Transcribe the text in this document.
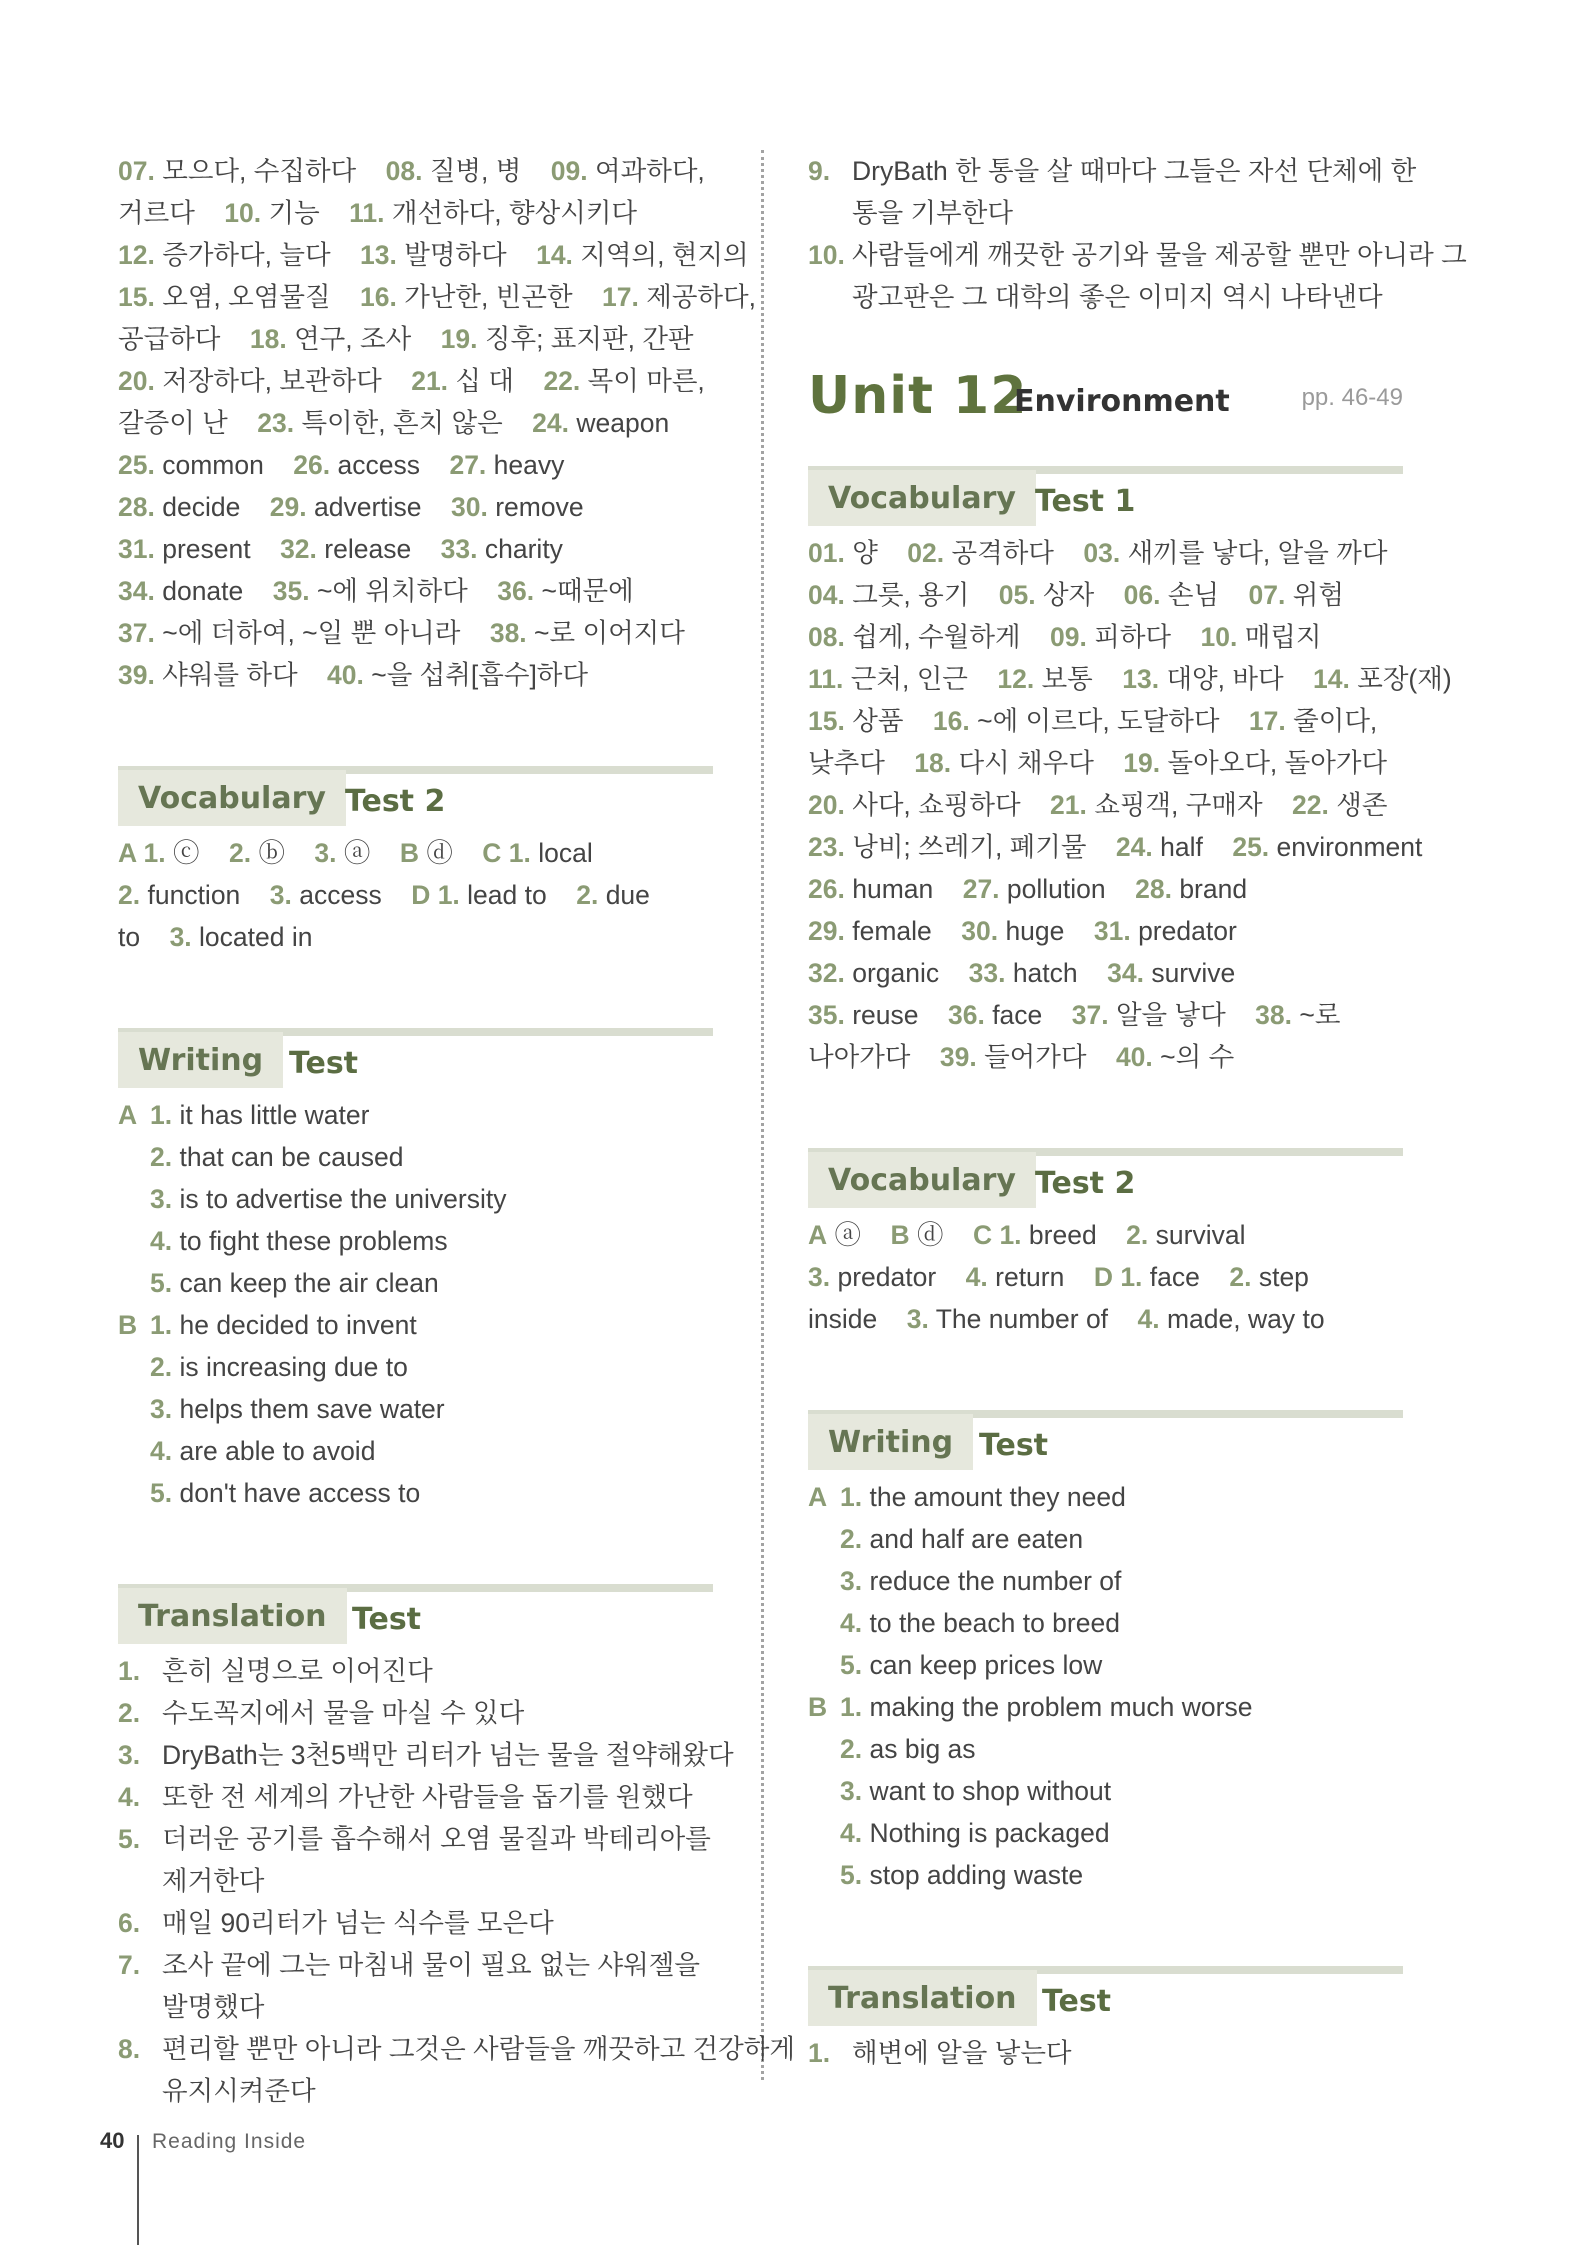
07. 모으다, 수집하다 08. 질병, 병 09. 여과하다,
거르다 10. 기능 11. 개선하다, 향상시키다
12. 증가하다, 늘다 13. 발명하다 14. 지역의, 현지의
15. 오염, 오염물질 16. 가난한, 빈곤한 17. 제공하다,
공급하다 18. 연구, 조사 19. 징후; 표지판, 간판
20. 저장하다, 보관하다 21. 십 대 22. 목이 마른,
갈증이 난 23. 특이한, 흔치 않은 24. weapon
25. common 26. access 27. heavy
28. decide 29. advertise 30. remove
31. present 32. release 33. charity
34. donate 35. ~에 위치하다 36. ~때문에
37. ~에 더하여, ~일 뿐 아니라 38. ~로 이어지다
39. 샤워를 하다 40. ~을 섭취[흡수]하다
Vocabulary Test 2
A 1. ⓒ 2. ⓑ 3. ⓐ B ⓓ C 1. local
2. function 3. access D 1. lead to 2. due
to 3. located in
Writing Test
A 1. it has little water
2. that can be caused
3. is to advertise the university
4. to fight these problems
5. can keep the air clean
B 1. he decided to invent
2. is increasing due to
3. helps them save water
4. are able to avoid
5. don't have access to
Translation Test
1. 흔히 실명으로 이어진다
2. 수도꼭지에서 물을 마실 수 있다
3. DryBath는 3천5백만 리터가 넘는 물을 절약해왔다
4. 또한 전 세계의 가난한 사람들을 돕기를 원했다
5. 더러운 공기를 흡수해서 오염 물질과 박테리아를
제거한다
6. 매일 90리터가 넘는 식수를 모은다
7. 조사 끝에 그는 마침내 물이 필요 없는 샤워젤을
발명했다
8. 편리할 뿐만 아니라 그것은 사람들을 깨끗하고 건강하게
유지시켜준다
9. DryBath 한 통을 살 때마다 그들은 자선 단체에 한
통을 기부한다
10. 사람들에게 깨끗한 공기와 물을 제공할 뿐만 아니라 그
광고판은 그 대학의 좋은 이미지 역시 나타낸다
Unit 12
Environment	pp. 46-49
Vocabulary Test 1
01. 양 02. 공격하다 03. 새끼를 낳다, 알을 까다
04. 그릇, 용기 05. 상자 06. 손님 07. 위험
08. 쉽게, 수월하게 09. 피하다 10. 매립지
11. 근처, 인근 12. 보통 13. 대양, 바다 14. 포장(재)
15. 상품 16. ~에 이르다, 도달하다 17. 줄이다,
낮추다 18. 다시 채우다 19. 돌아오다, 돌아가다
20. 사다, 쇼핑하다 21. 쇼핑객, 구매자 22. 생존
23. 낭비; 쓰레기, 폐기물 24. half 25. environment
26. human 27. pollution 28. brand
29. female 30. huge 31. predator
32. organic 33. hatch 34. survive
35. reuse 36. face 37. 알을 낳다 38. ~로
나아가다 39. 들어가다 40. ~의 수
Vocabulary Test 2
A ⓐ B ⓓ C 1. breed 2. survival
3. predator 4. return D 1. face 2. step
inside 3. The number of 4. made, way to
Writing Test
A 1. the amount they need
2. and half are eaten
3. reduce the number of
4. to the beach to breed
5. can keep prices low
B 1. making the problem much worse
2. as big as
3. want to shop without
4. Nothing is packaged
5. stop adding waste
Translation Test
1. 해변에 알을 낳는다
40 Reading Inside
